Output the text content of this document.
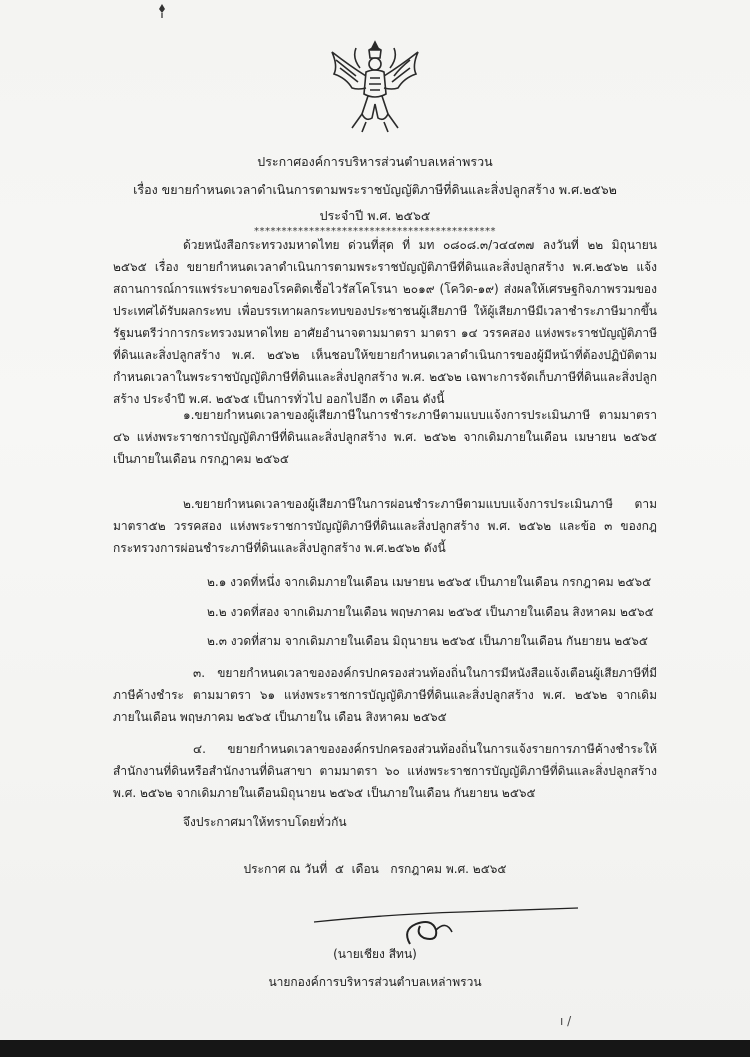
ประกาศองค์การบริหารส่วนตำบลเหล่าพรวน
เรื่อง ขยายกำหนดเวลาดำเนินการตามพระราชบัญญัติภาษีที่ดินและสิ่งปลูกสร้าง พ.ศ.๒๕๖๒
ประจำปี พ.ศ. ๒๕๖๕
********************************************

ด้วยหนังสือกระทรวงมหาดไทย ด่วนที่สุด ที่ มท ๐๘๐๘.๓/ว๔๔๓๗ ลงวันที่ ๒๒ มิถุนายน ๒๕๖๕ เรื่อง ขยายกำหนดเวลาดำเนินการตามพระราชบัญญัติภาษีที่ดินและสิ่งปลูกสร้าง พ.ศ.๒๕๖๒ แจ้งสถานการณ์การแพร่ระบาดของโรคติดเชื้อไวรัสโคโรนา ๒๐๑๙ (โควิด-๑๙) ส่งผลให้เศรษฐกิจภาพรวมของประเทศได้รับผลกระทบ เพื่อบรรเทาผลกระทบของประชาชนผู้เสียภาษี ให้ผู้เสียภาษีมีเวลาชำระภาษีมากขึ้น รัฐมนตรีว่าการกระทรวงมหาดไทย อาศัยอำนาจตามมาตรา มาตรา ๑๔ วรรคสอง แห่งพระราชบัญญัติภาษีที่ดินและสิ่งปลูกสร้าง พ.ศ. ๒๕๖๒ เห็นชอบให้ขยายกำหนดเวลาดำเนินการของผู้มีหน้าที่ต้องปฏิบัติตามกำหนดเวลาในพระราชบัญญัติภาษีที่ดินและสิ่งปลูกสร้าง พ.ศ. ๒๕๖๒ เฉพาะการจัดเก็บภาษีที่ดินและสิ่งปลูกสร้าง ประจำปี พ.ศ. ๒๕๖๕ เป็นการทั่วไป ออกไปอีก ๓ เดือน ดังนี้

๑.ขยายกำหนดเวลาของผู้เสียภาษีในการชำระภาษีตามแบบแจ้งการประเมินภาษี ตามมาตรา ๔๖ แห่งพระราชการบัญญัติภาษีที่ดินและสิ่งปลูกสร้าง พ.ศ. ๒๕๖๒ จากเดิมภายในเดือน เมษายน ๒๕๖๕ เป็นภายในเดือน กรกฎาคม ๒๕๖๕

๒.ขยายกำหนดเวลาของผู้เสียภาษีในการผ่อนชำระภาษีตามแบบแจ้งการประเมินภาษี ตามมาตรา๕๒ วรรคสอง แห่งพระราชการบัญญัติภาษีที่ดินและสิ่งปลูกสร้าง พ.ศ. ๒๕๖๒ และข้อ ๓ ของกฎกระทรวงการผ่อนชำระภาษีที่ดินและสิ่งปลูกสร้าง พ.ศ.๒๕๖๒ ดังนี้

๒.๑ งวดที่หนึ่ง จากเดิมภายในเดือน เมษายน ๒๕๖๕ เป็นภายในเดือน กรกฎาคม ๒๕๖๕
๒.๒ งวดที่สอง จากเดิมภายในเดือน พฤษภาคม ๒๕๖๕ เป็นภายในเดือน สิงหาคม ๒๕๖๕
๒.๓ งวดที่สาม จากเดิมภายในเดือน มิถุนายน ๒๕๖๕ เป็นภายในเดือน กันยายน ๒๕๖๕

๓. ขยายกำหนดเวลาขององค์กรปกครองส่วนท้องถิ่นในการมีหนังสือแจ้งเตือนผู้เสียภาษีที่มีภาษีค้างชำระ ตามมาตรา ๖๑ แห่งพระราชการบัญญัติภาษีที่ดินและสิ่งปลูกสร้าง พ.ศ. ๒๕๖๒ จากเดิมภายในเดือน พฤษภาคม ๒๕๖๕ เป็นภายใน เดือน สิงหาคม ๒๕๖๕

๔. ขยายกำหนดเวลาขององค์กรปกครองส่วนท้องถิ่นในการแจ้งรายการภาษีค้างชำระให้สำนักงานที่ดินหรือสำนักงานที่ดินสาขา ตามมาตรา ๖๐ แห่งพระราชการบัญญัติภาษีที่ดินและสิ่งปลูกสร้าง พ.ศ. ๒๕๖๒ จากเดิมภายในเดือนมิถุนายน ๒๕๖๕ เป็นภายในเดือน กันยายน ๒๕๖๕

จึงประกาศมาให้ทราบโดยทั่วกัน
ประกาศ ณ วันที่  ๕  เดือน   กรกฎาคม พ.ศ. ๒๕๖๕
(นายเชียง สีทน)
นายกองค์การบริหารส่วนตำบลเหล่าพรวน
ı /
